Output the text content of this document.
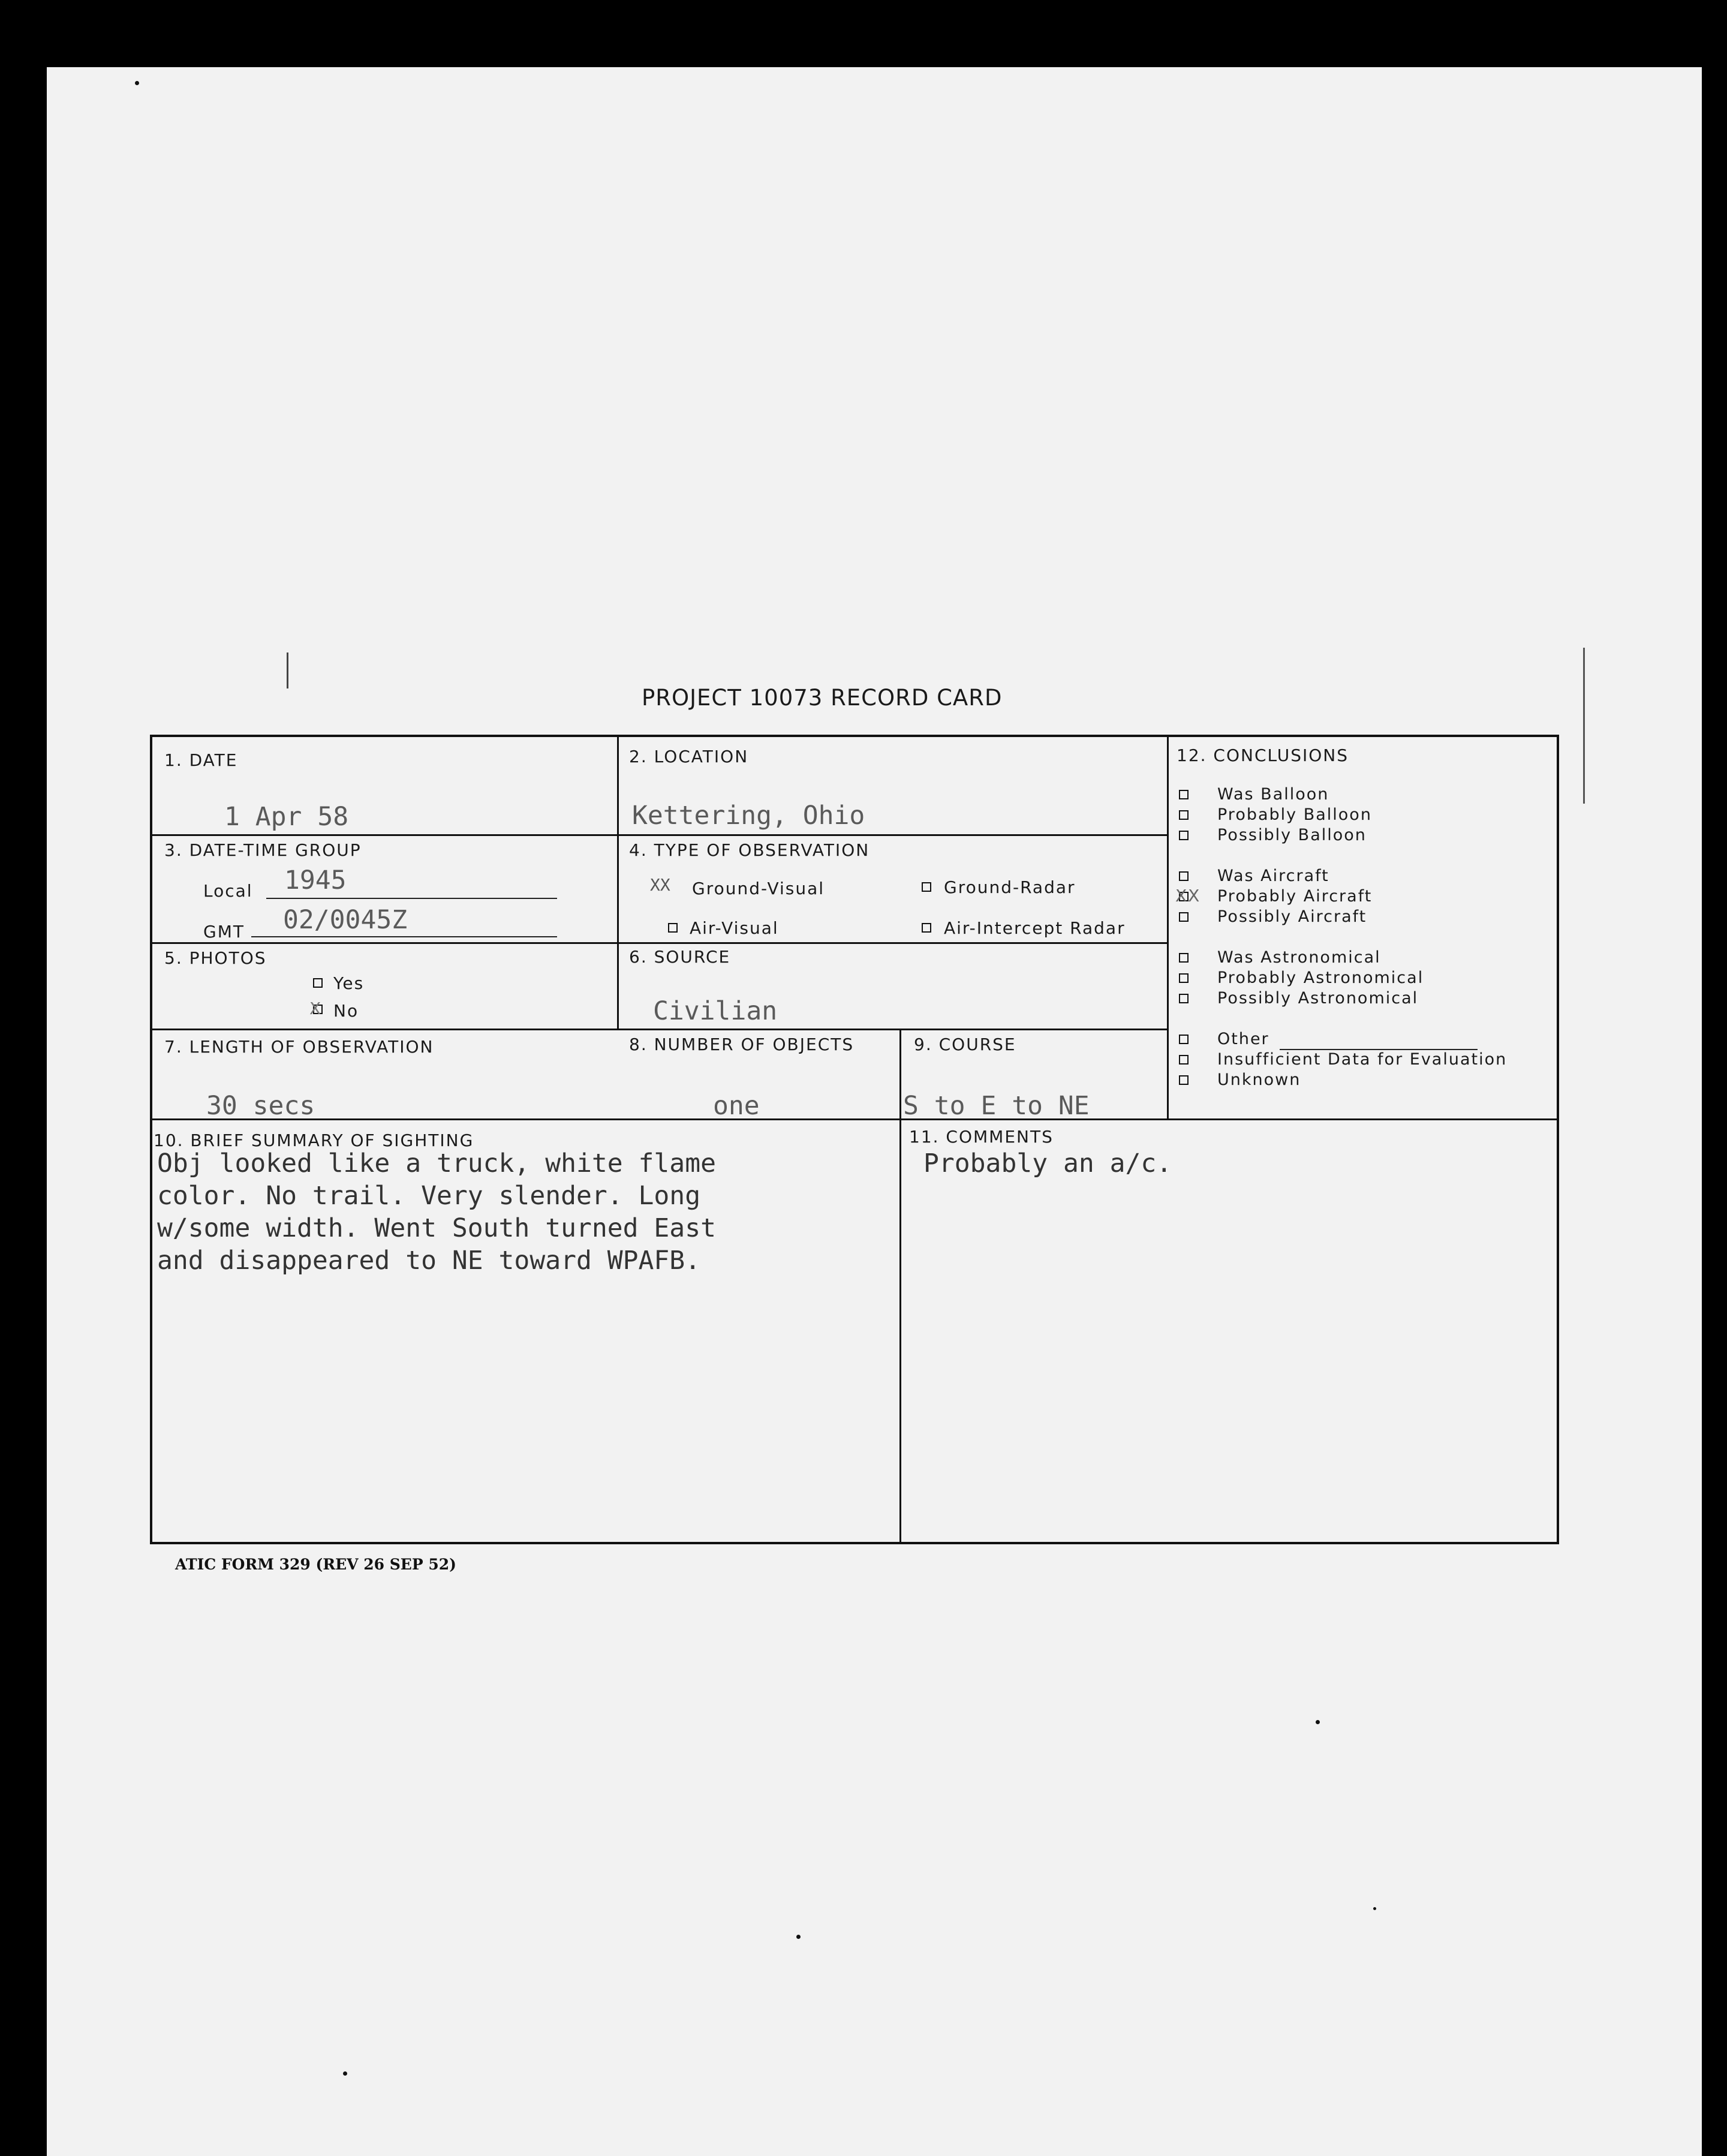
PROJECT 10073 RECORD CARD
1. DATE
1 Apr 58
2. LOCATION
Kettering, Ohio
3. DATE-TIME GROUP
Local 1945
GMT 02/0045Z
4. TYPE OF OBSERVATION
XX Ground-Visual	Ground-Radar
Air-Visual	Air-Intercept Radar
5. PHOTOS
Yes
X No
6. SOURCE
Civilian
7. LENGTH OF OBSERVATION
30 secs
8. NUMBER OF OBJECTS
one
9. COURSE
S to E to NE
10. BRIEF SUMMARY OF SIGHTING
Obj looked like a truck, white flame
color. No trail. Very slender. Long
w/some width. Went South turned East
and disappeared to NE toward WPAFB.
11. COMMENTS
Probably an a/c.
12. CONCLUSIONS
Was Balloon
Probably Balloon
Possibly Balloon
Was Aircraft
Probably Aircraft
XX
Possibly Aircraft
Was Astronomical
Probably Astronomical
Possibly Astronomical
Other
Insufficient Data for Evaluation
Unknown
ATIC FORM 329 (REV 26 SEP 52)
